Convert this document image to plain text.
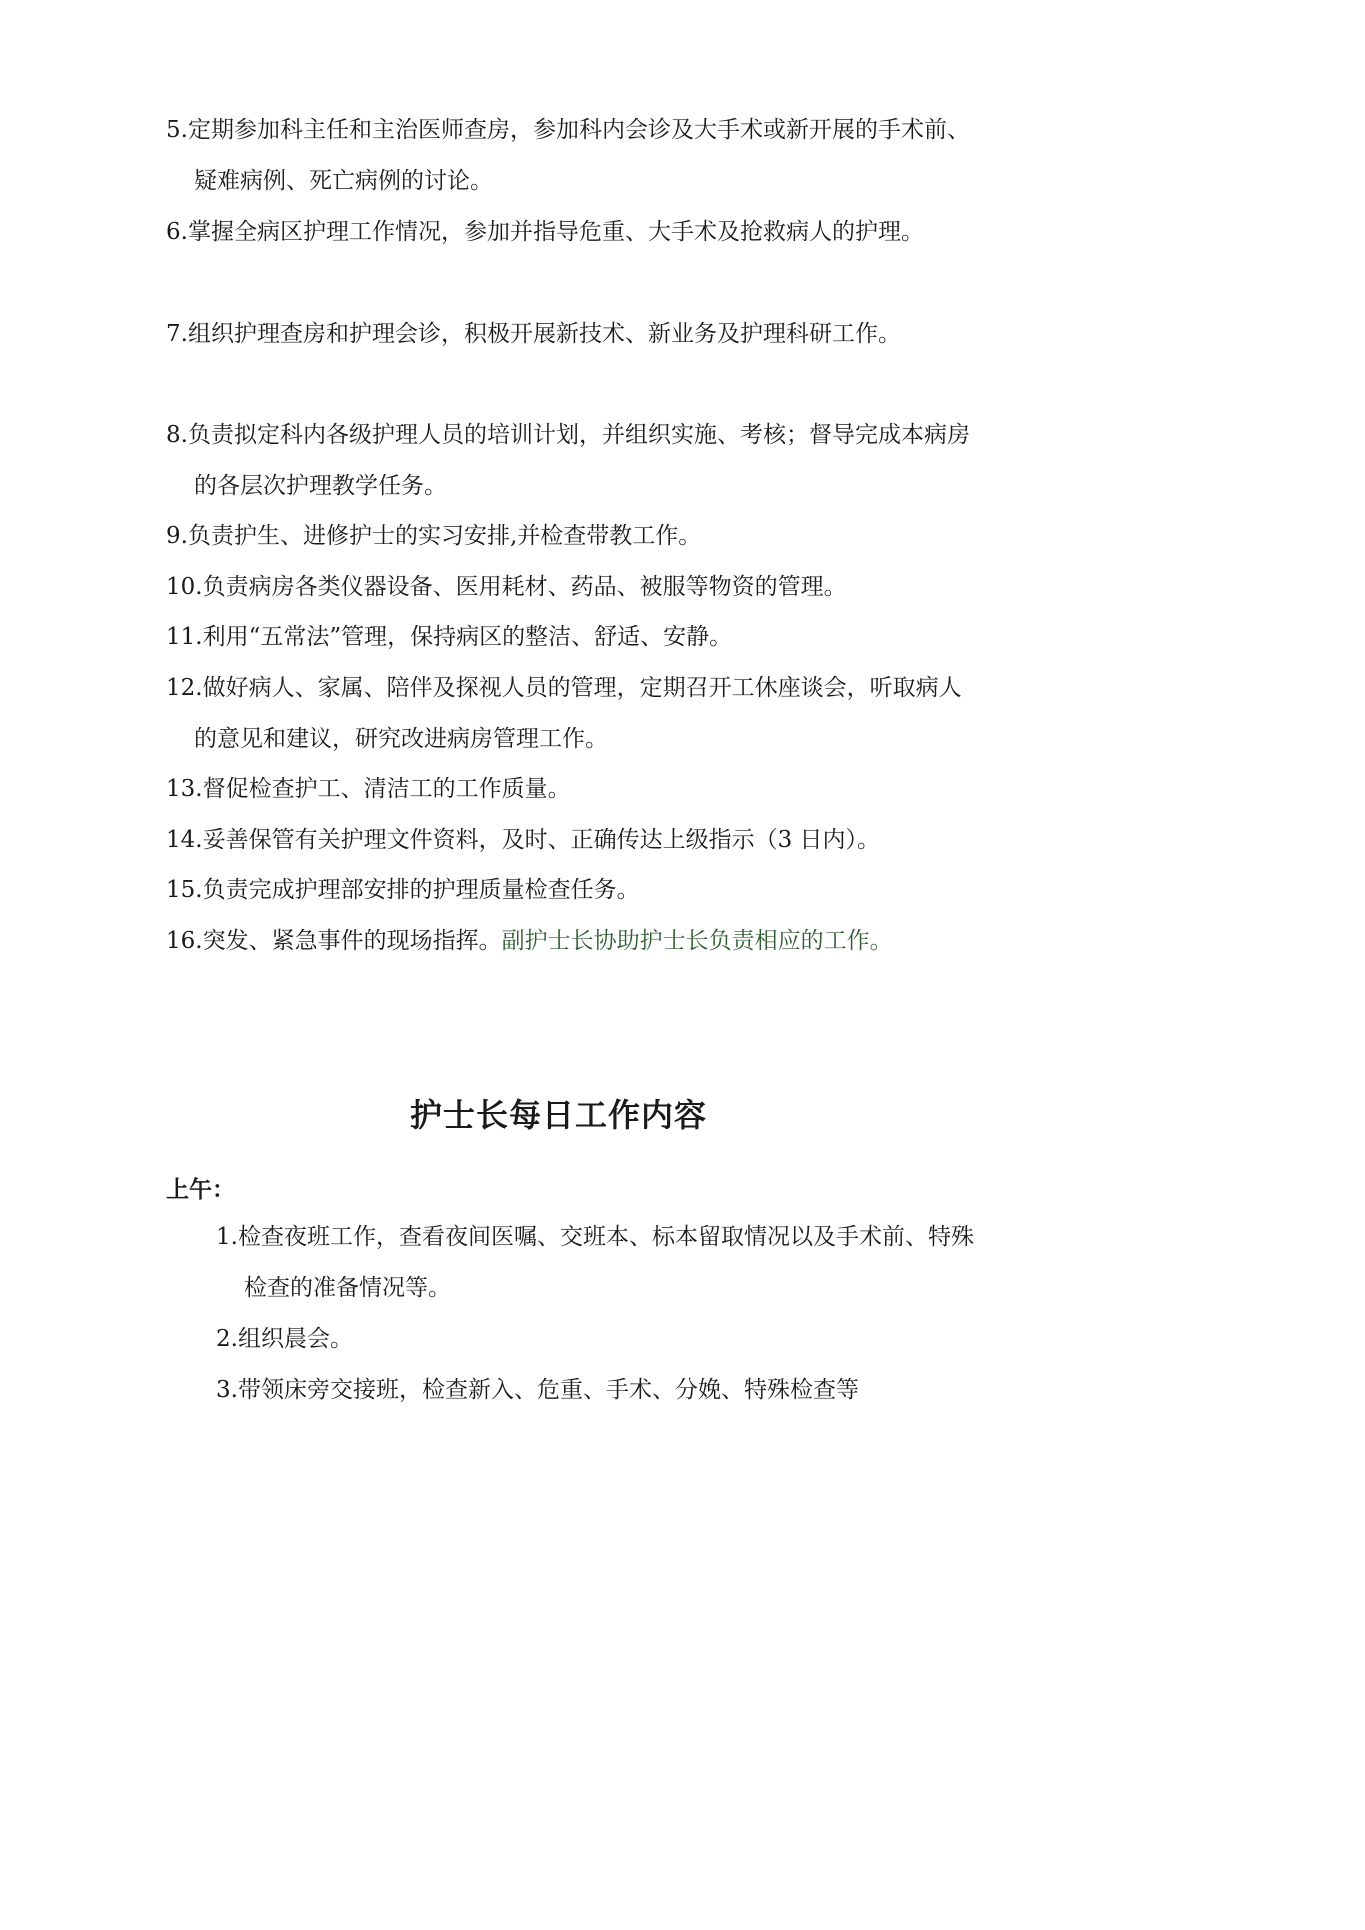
5.定期参加科主任和主治医师查房，参加科内会诊及大手术或新开展的手术前、疑难病例、死亡病例的讨论。
6.掌握全病区护理工作情况，参加并指导危重、大手术及抢救病人的护理。
7.组织护理查房和护理会诊，积极开展新技术、新业务及护理科研工作。
8.负责拟定科内各级护理人员的培训计划，并组织实施、考核；督导完成本病房的各层次护理教学任务。
9.负责护生、进修护士的实习安排,并检查带教工作。
10.负责病房各类仪器设备、医用耗材、药品、被服等物资的管理。
11.利用“五常法”管理，保持病区的整洁、舒适、安静。
12.做好病人、家属、陪伴及探视人员的管理，定期召开工休座谈会，听取病人的意见和建议，研究改进病房管理工作。
13.督促检查护工、清洁工的工作质量。
14.妥善保管有关护理文件资料，及时、正确传达上级指示（3 日内）。
15.负责完成护理部安排的护理质量检查任务。
16.突发、紧急事件的现场指挥。副护士长协助护士长负责相应的工作。
护士长每日工作内容
上午：
1.检查夜班工作，查看夜间医嘱、交班本、标本留取情况以及手术前、特殊检查的准备情况等。
2.组织晨会。
3.带领床旁交接班，检查新入、危重、手术、分娩、特殊检查等
